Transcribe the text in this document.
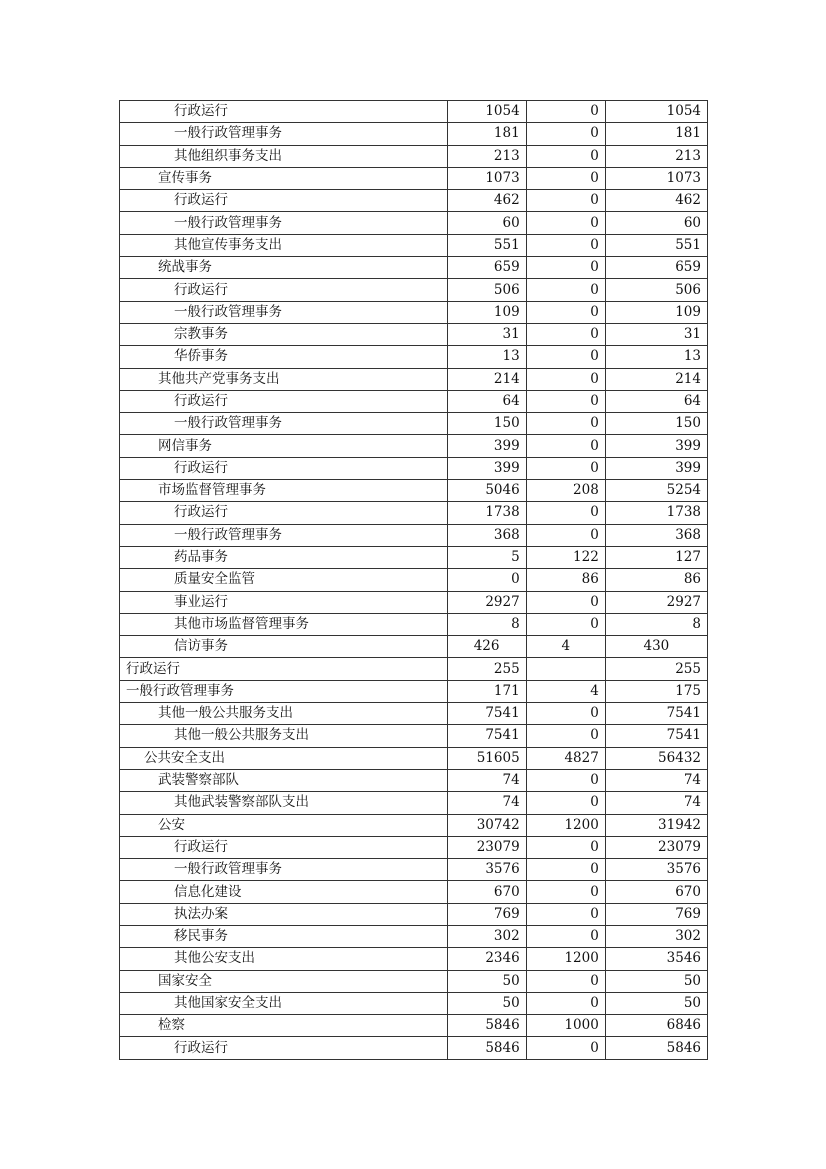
行政运行	1054	0	1054
一般行政管理事务	181	0	181
其他组织事务支出	213	0	213
宣传事务	1073	0	1073
行政运行	462	0	462
一般行政管理事务	60	0	60
其他宣传事务支出	551	0	551
统战事务	659	0	659
行政运行	506	0	506
一般行政管理事务	109	0	109
宗教事务	31	0	31
华侨事务	13	0	13
其他共产党事务支出	214	0	214
行政运行	64	0	64
一般行政管理事务	150	0	150
网信事务	399	0	399
行政运行	399	0	399
市场监督管理事务	5046	208	5254
行政运行	1738	0	1738
一般行政管理事务	368	0	368
药品事务	5	122	127
质量安全监管	0	86	86
事业运行	2927	0	2927
其他市场监督管理事务	8	0	8
信访事务	426	4	430
行政运行	255		255
一般行政管理事务	171	4	175
其他一般公共服务支出	7541	0	7541
其他一般公共服务支出	7541	0	7541
公共安全支出	51605	4827	56432
武装警察部队	74	0	74
其他武装警察部队支出	74	0	74
公安	30742	1200	31942
行政运行	23079	0	23079
一般行政管理事务	3576	0	3576
信息化建设	670	0	670
执法办案	769	0	769
移民事务	302	0	302
其他公安支出	2346	1200	3546
国家安全	50	0	50
其他国家安全支出	50	0	50
检察	5846	1000	6846
行政运行	5846	0	5846
